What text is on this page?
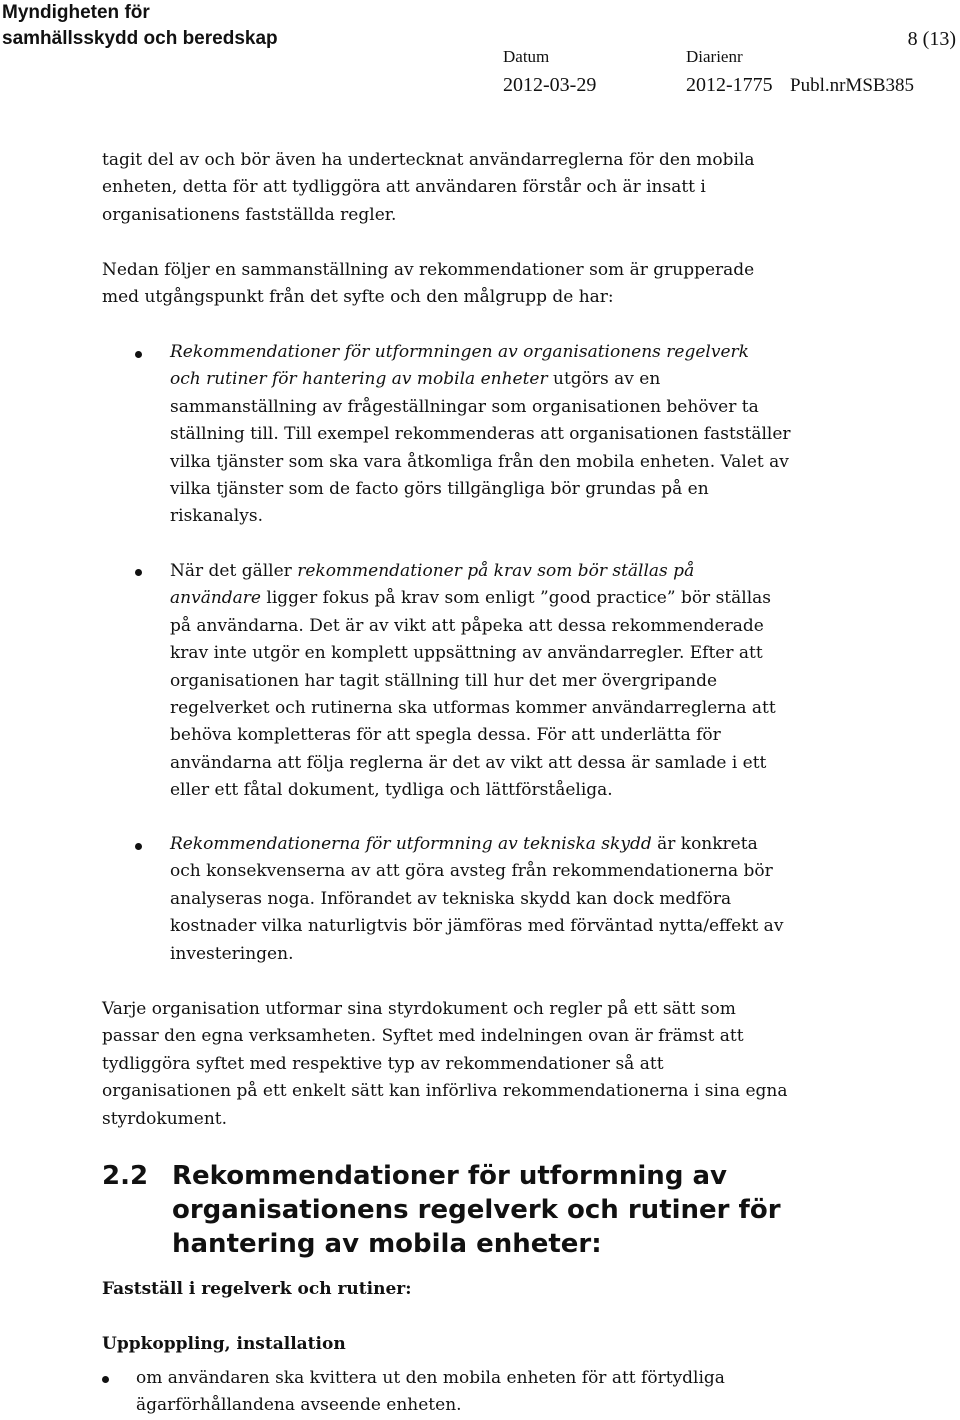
Myndigheten för
samhällsskydd och beredskap	8 (13)
Datum
2012-03-29
Diarienr
2012-1775 Publ.nrMSB385
tagit del av och bör även ha undertecknat användarreglerna för den mobila
enheten, detta för att tydliggöra att användaren förstår och är insatt i
organisationens fastställda regler.
Nedan följer en sammanställning av rekommendationer som är grupperade
med utgångspunkt från det syfte och den målgrupp de har:
Rekommendationer för utformningen av organisationens regelverk
och rutiner för hantering av mobila enheter utgörs av en
sammanställning av frågeställningar som organisationen behöver ta
ställning till. Till exempel rekommenderas att organisationen fastställer
vilka tjänster som ska vara åtkomliga från den mobila enheten. Valet av
vilka tjänster som de facto görs tillgängliga bör grundas på en
riskanalys.
När det gäller rekommendationer på krav som bör ställas på
användare ligger fokus på krav som enligt ”good practice” bör ställas
på användarna. Det är av vikt att påpeka att dessa rekommenderade
krav inte utgör en komplett uppsättning av användarregler. Efter att
organisationen har tagit ställning till hur det mer övergripande
regelverket och rutinerna ska utformas kommer användarreglerna att
behöva kompletteras för att spegla dessa. För att underlätta för
användarna att följa reglerna är det av vikt att dessa är samlade i ett
eller ett fåtal dokument, tydliga och lättförståeliga.
Rekommendationerna för utformning av tekniska skydd är konkreta
och konsekvenserna av att göra avsteg från rekommendationerna bör
analyseras noga. Införandet av tekniska skydd kan dock medföra
kostnader vilka naturligtvis bör jämföras med förväntad nytta/effekt av
investeringen.
Varje organisation utformar sina styrdokument och regler på ett sätt som
passar den egna verksamheten. Syftet med indelningen ovan är främst att
tydliggöra syftet med respektive typ av rekommendationer så att
organisationen på ett enkelt sätt kan införliva rekommendationerna i sina egna
styrdokument.
2.2 Rekommendationer för utformning av
organisationens regelverk och rutiner för
hantering av mobila enheter:
Fastställ i regelverk och rutiner:
Uppkoppling, installation
om användaren ska kvittera ut den mobila enheten för att förtydliga
ägarförhållandena avseende enheten.
